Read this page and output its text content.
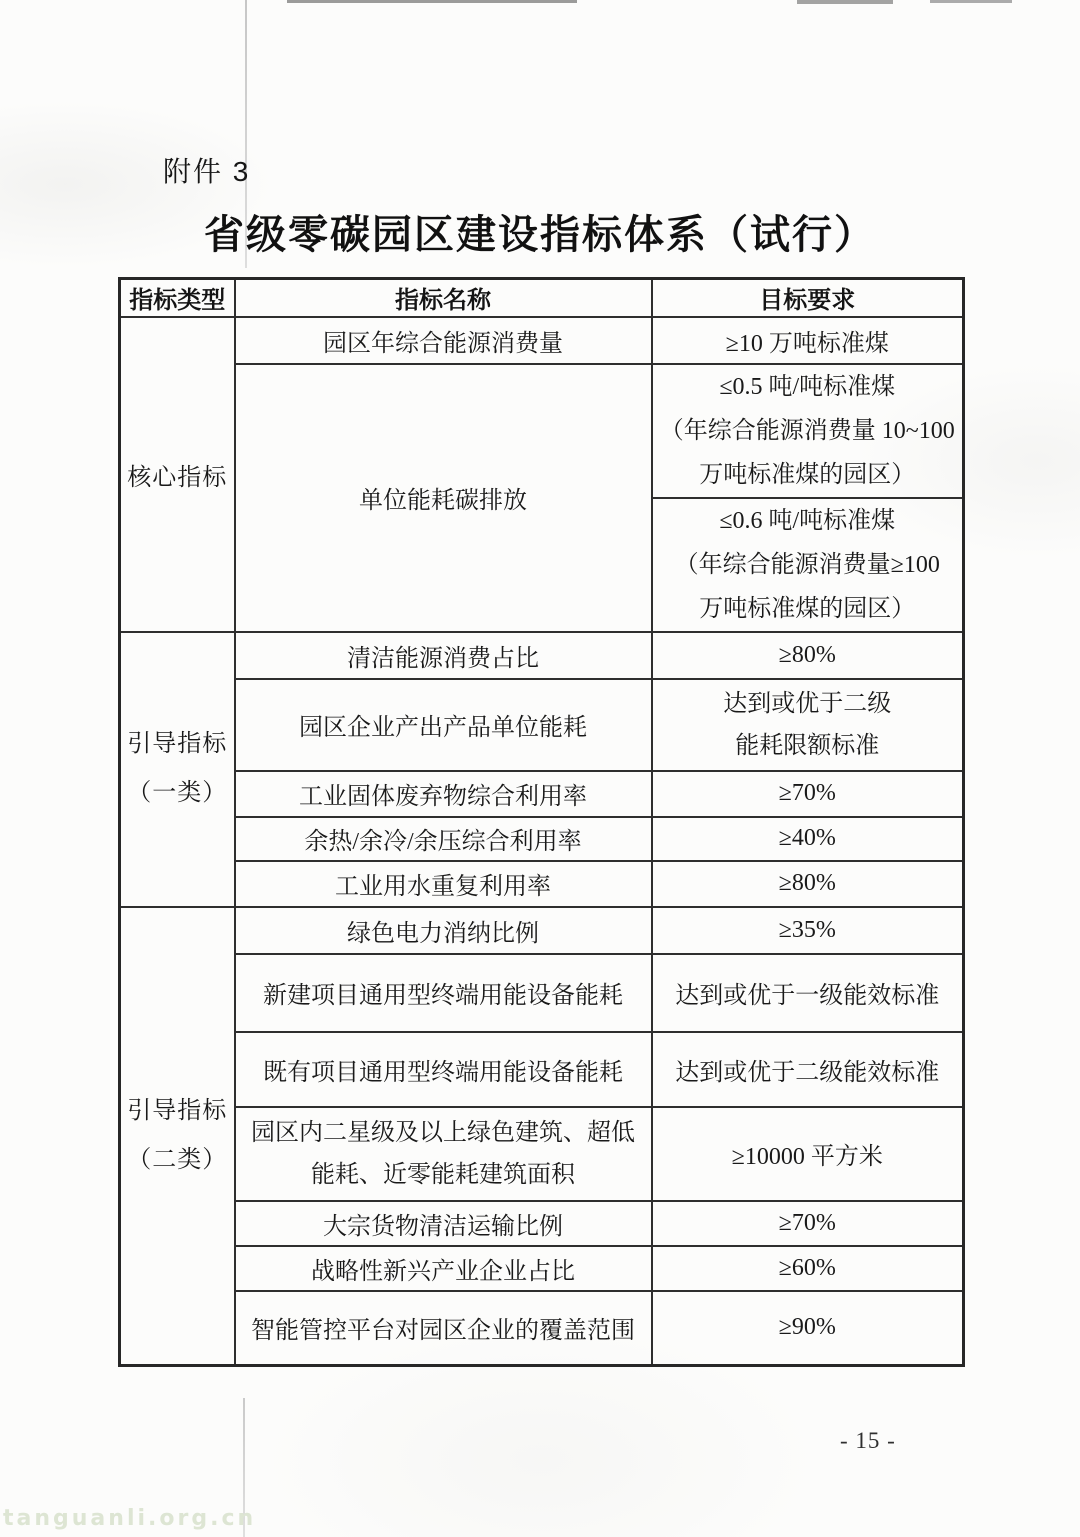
附件 3
省级零碳园区建设指标体系（试行）
指标类型	指标名称	目标要求
核心指标	园区年综合能源消费量	≥10 万吨标准煤
	单位能耗碳排放	≤0.5 吨/吨标准煤
（年综合能源消费量 10~100
万吨标准煤的园区）

		≤0.6 吨/吨标准煤
（年综合能源消费量≥100
万吨标准煤的园区）

引导指标
（一类）	清洁能源消费占比	≥80%
	园区企业产出产品单位能耗	达到或优于二级
能耗限额标准

	工业固体废弃物综合利用率	≥70%
	余热/余冷/余压综合利用率	≥40%
	工业用水重复利用率	≥80%

引导指标
（二类）	绿色电力消纳比例	≥35%
	新建项目通用型终端用能设备能耗	达到或优于一级能效标准
	既有项目通用型终端用能设备能耗	达到或优于二级能效标准

	园区内二星级及以上绿色建筑、超低
能耗、近零能耗建筑面积	≥10000 平方米
	大宗货物清洁运输比例	≥70%
	战略性新兴产业企业占比	≥60%
	智能管控平台对园区企业的覆盖范围	≥90%
- 15 -
tanguanli.org.cn
